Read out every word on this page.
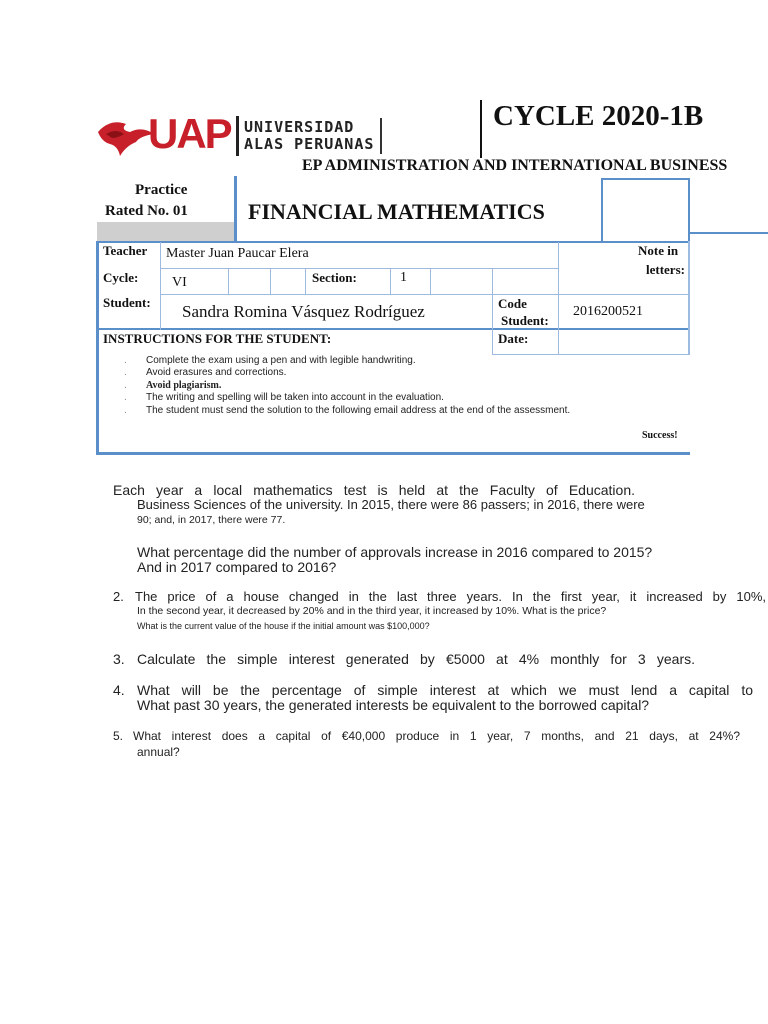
UAP UNIVERSIDAD
ALAS PERUANAS
CYCLE 2020-1B
EP ADMINISTRATION AND INTERNATIONAL BUSINESS
Practice
Rated No. 01	FINANCIAL MATHEMATICS
Teacher Master Juan Paucar Elera	Note in
letters:
Cycle: VI	Section:	1
Student: Sandra Romina Vásquez Rodríguez	Code
Student:
2016200521
INSTRUCTIONS FOR THE STUDENT:	Date:
. Complete the exam using a pen and with legible handwriting.
. Avoid erasures and corrections.
. Avoid plagiarism.
. The writing and spelling will be taken into account in the evaluation.
. The student must send the solution to the following email address at the end of the assessment.
Success!
Each year a local mathematics test is held at the Faculty of Education.
Business Sciences of the university. In 2015, there were 86 passers; in 2016, there were
90; and, in 2017, there were 77.
What percentage did the number of approvals increase in 2016 compared to 2015?
And in 2017 compared to 2016?
2. The price of a house changed in the last three years. In the first year, it increased by 10%,
In the second year, it decreased by 20% and in the third year, it increased by 10%. What is the price?
What is the current value of the house if the initial amount was $100,000?
3. Calculate the simple interest generated by €5000 at 4% monthly for 3 years.
4. What will be the percentage of simple interest at which we must lend a capital to
What past 30 years, the generated interests be equivalent to the borrowed capital?
5. What interest does a capital of €40,000 produce in 1 year, 7 months, and 21 days, at 24%?
annual?
